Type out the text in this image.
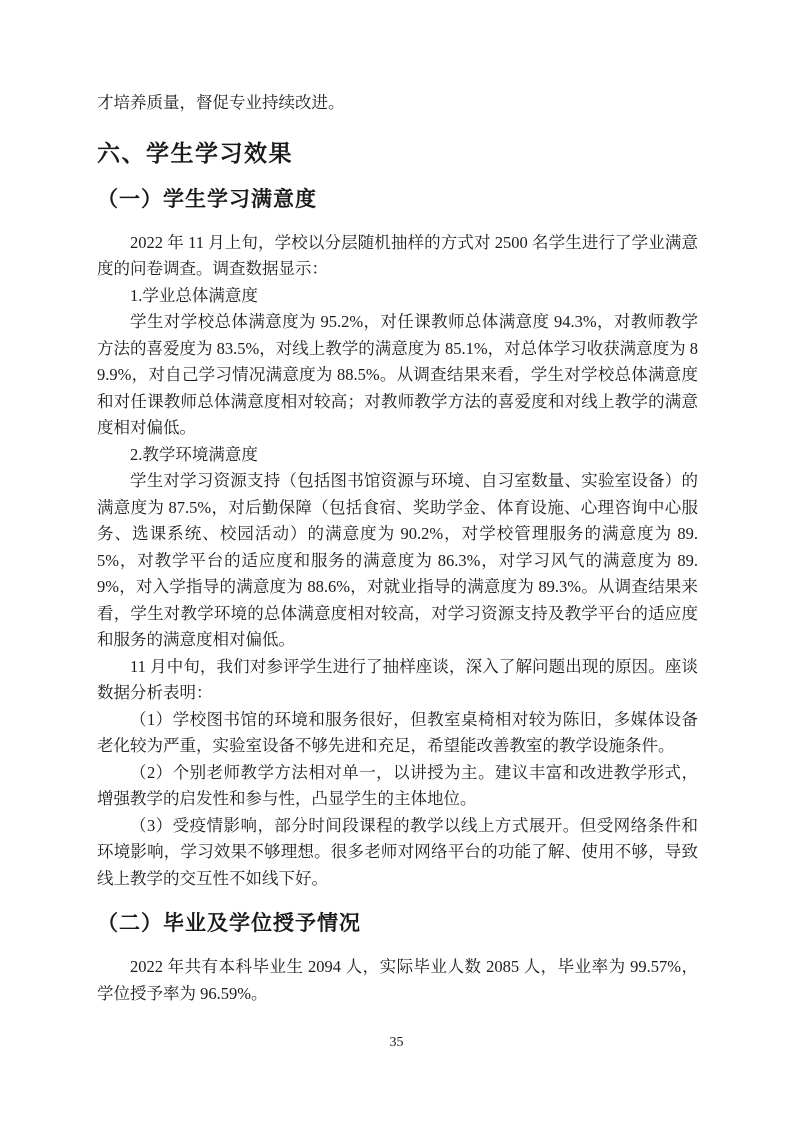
才培养质量，督促专业持续改进。

六、学生学习效果
（一）学生学习满意度

2022 年 11 月上旬，学校以分层随机抽样的方式对 2500 名学生进行了学业满意度的问卷调查。调查数据显示：

1.学业总体满意度

学生对学校总体满意度为 95.2%，对任课教师总体满意度 94.3%，对教师教学方法的喜爱度为 83.5%，对线上教学的满意度为 85.1%，对总体学习收获满意度为 89.9%，对自己学习情况满意度为 88.5%。从调查结果来看，学生对学校总体满意度和对任课教师总体满意度相对较高；对教师教学方法的喜爱度和对线上教学的满意度相对偏低。

2.教学环境满意度

学生对学习资源支持（包括图书馆资源与环境、自习室数量、实验室设备）的满意度为 87.5%，对后勤保障（包括食宿、奖助学金、体育设施、心理咨询中心服务、选课系统、校园活动）的满意度为 90.2%，对学校管理服务的满意度为 89.5%，对教学平台的适应度和服务的满意度为 86.3%，对学习风气的满意度为 89.9%，对入学指导的满意度为 88.6%，对就业指导的满意度为 89.3%。从调查结果来看，学生对教学环境的总体满意度相对较高，对学习资源支持及教学平台的适应度和服务的满意度相对偏低。

11 月中旬，我们对参评学生进行了抽样座谈，深入了解问题出现的原因。座谈数据分析表明：

（1）学校图书馆的环境和服务很好，但教室桌椅相对较为陈旧，多媒体设备老化较为严重，实验室设备不够先进和充足，希望能改善教室的教学设施条件。

（2）个别老师教学方法相对单一，以讲授为主。建议丰富和改进教学形式，增强教学的启发性和参与性，凸显学生的主体地位。

（3）受疫情影响，部分时间段课程的教学以线上方式展开。但受网络条件和环境影响，学习效果不够理想。很多老师对网络平台的功能了解、使用不够，导致线上教学的交互性不如线下好。

（二）毕业及学位授予情况

2022 年共有本科毕业生 2094 人，实际毕业人数 2085 人，毕业率为 99.57%，学位授予率为 96.59%。

35
